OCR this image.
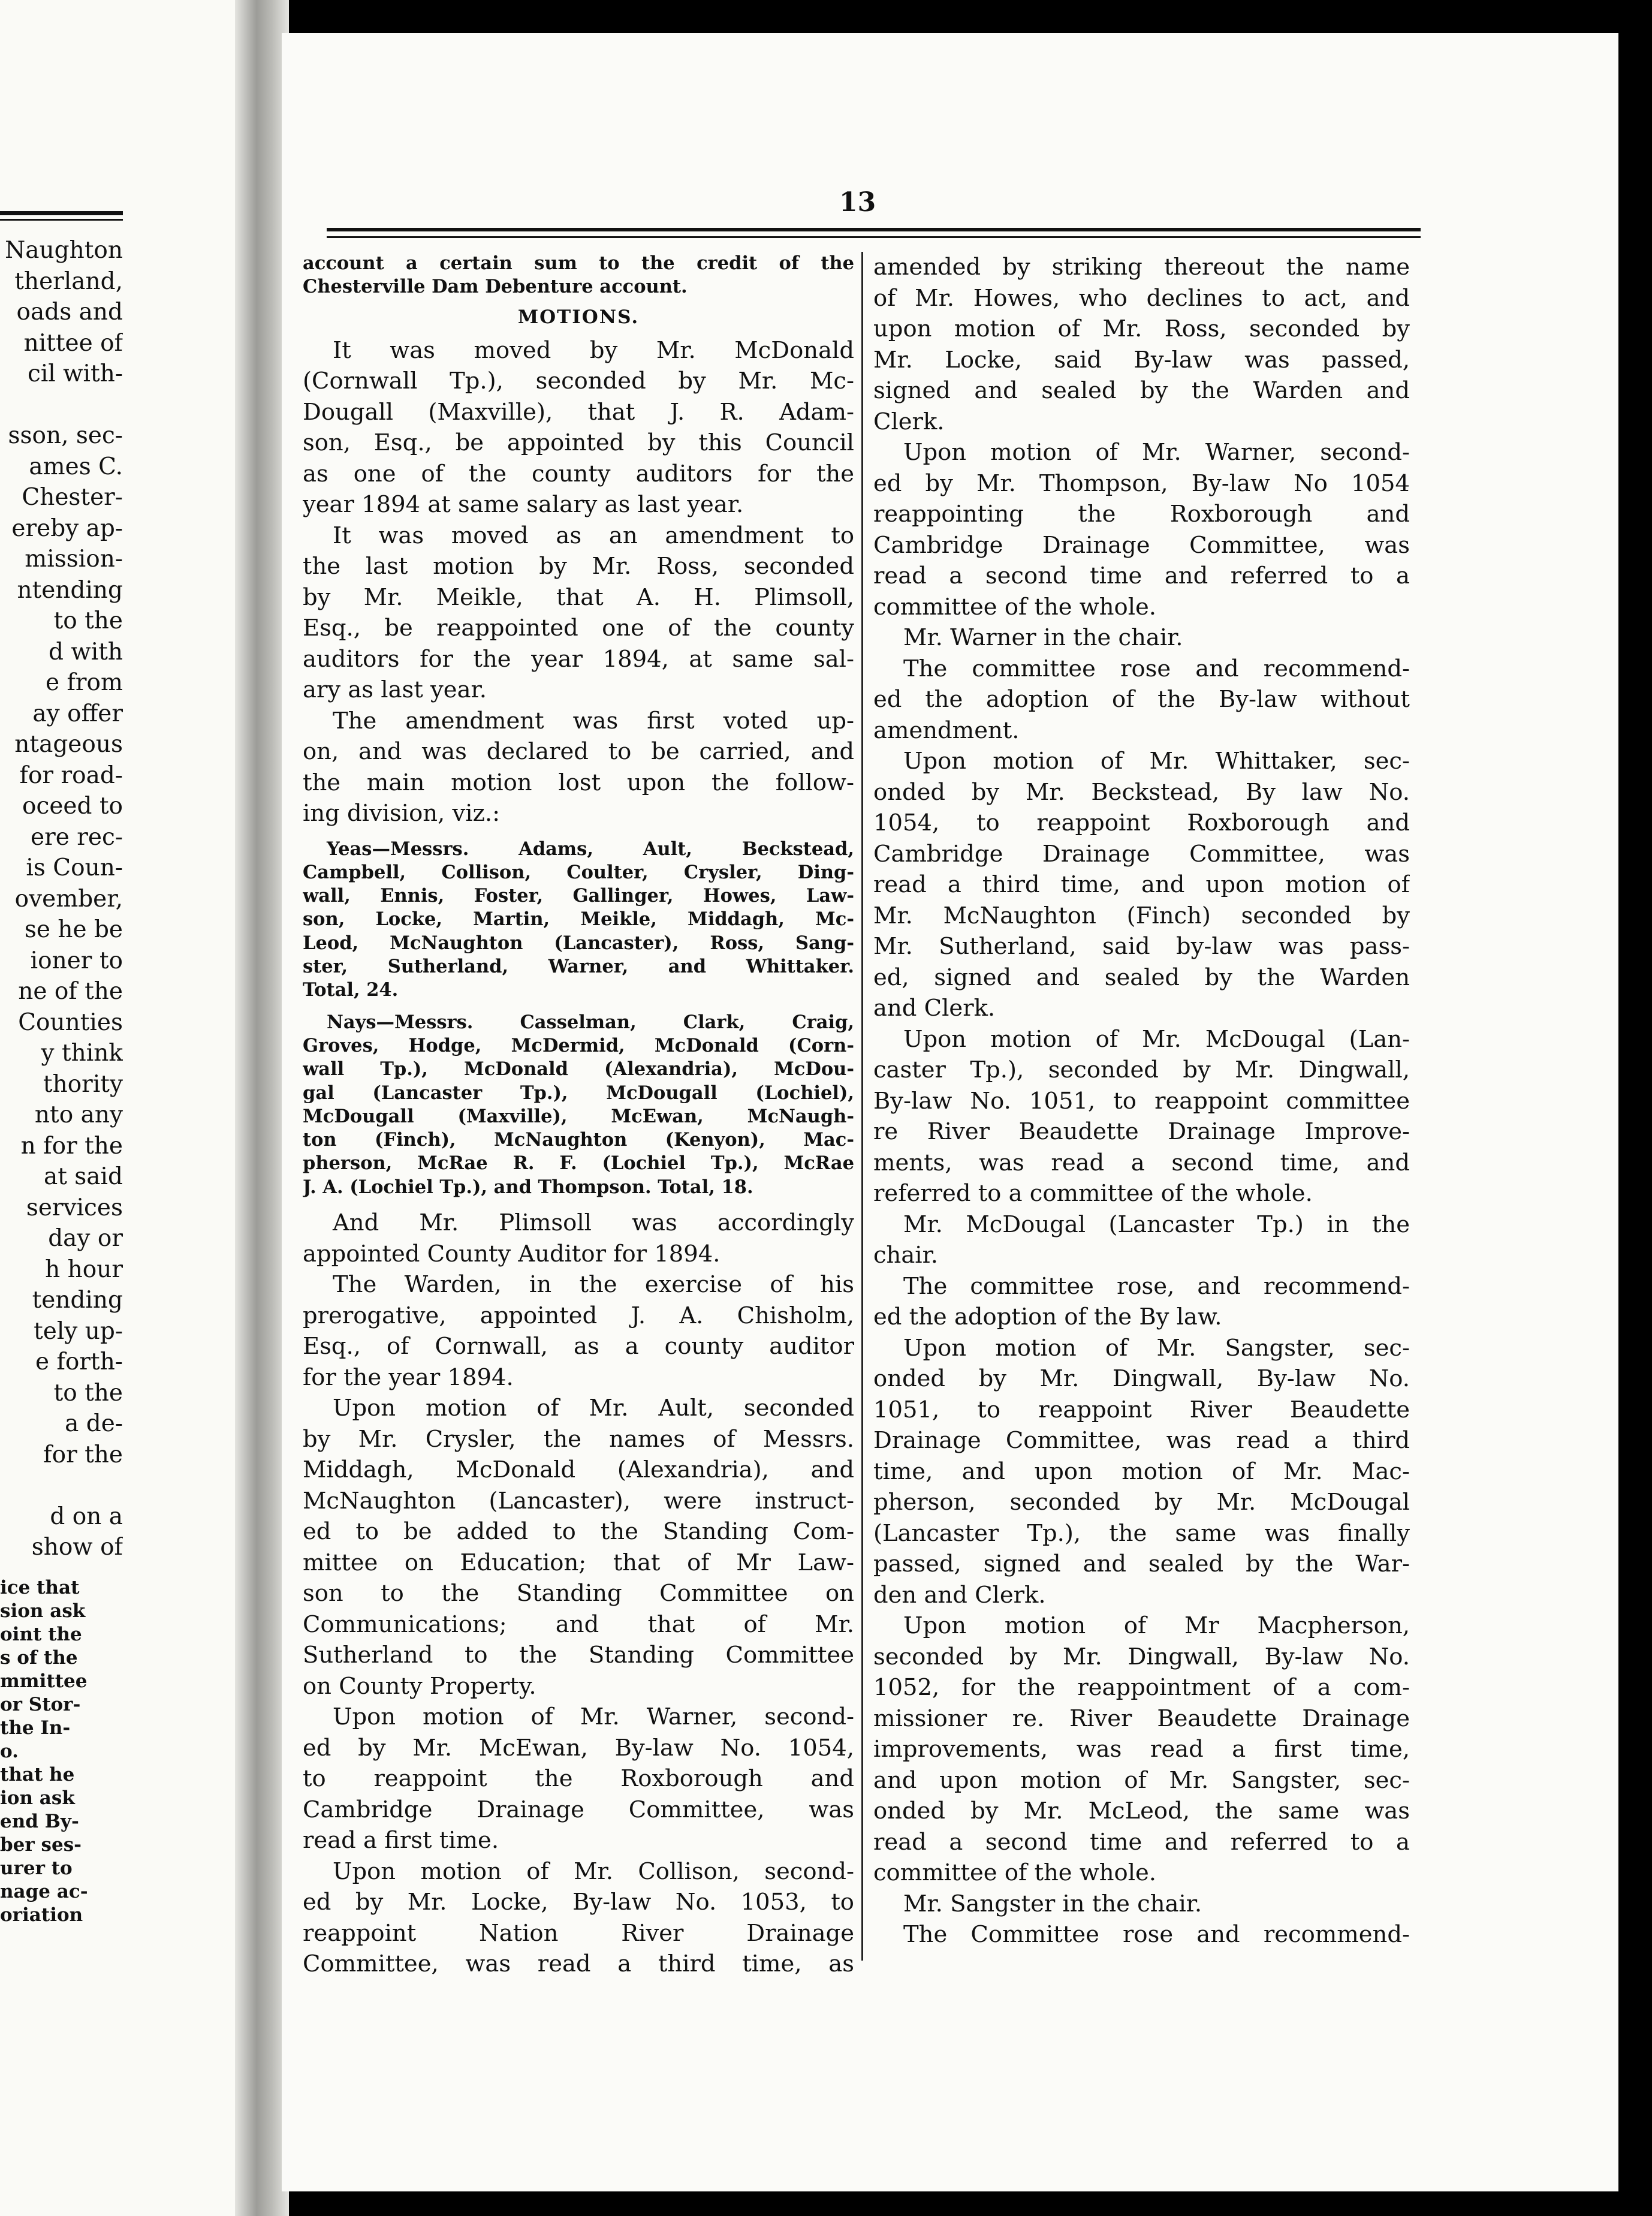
Naughton
therland,
oads and
nittee of
cil with-
sson, sec-
ames C.
Chester-
ereby ap-
mission-
ntending
to the
d with
e from
ay offer
ntageous
for road-
oceed to
ere rec-
is Coun-
ovember,
se he be
ioner to
ne of the
Counties
y think
thority
nto any
n for the
at said
services
day or
h hour
tending
tely up-
e forth-
to the
a de-
for the
d on a
show of
ice that
sion ask
oint the
s of the
mmittee
or Stor-
the In-
o.
that he
ion ask
end By-
ber ses-
urer to
nage ac-
oriation
13
account a certain sum to the credit of the
Chesterville Dam Debenture account.
MOTIONS.
It was moved by Mr. McDonald
(Cornwall Tp.), seconded by Mr. Mc-
Dougall (Maxville), that J. R. Adam-
son, Esq., be appointed by this Council
as one of the county auditors for the
year 1894 at same salary as last year.
It was moved as an amendment to
the last motion by Mr. Ross, seconded
by Mr. Meikle, that A. H. Plimsoll,
Esq., be reappointed one of the county
auditors for the year 1894, at same sal-
ary as last year.
The amendment was first voted up-
on, and was declared to be carried, and
the main motion lost upon the follow-
ing division, viz.:
Yeas—Messrs. Adams, Ault, Beckstead,
Campbell, Collison, Coulter, Crysler, Ding-
wall, Ennis, Foster, Gallinger, Howes, Law-
son, Locke, Martin, Meikle, Middagh, Mc-
Leod, McNaughton (Lancaster), Ross, Sang-
ster, Sutherland, Warner, and Whittaker.
Total, 24.
Nays—Messrs. Casselman, Clark, Craig,
Groves, Hodge, McDermid, McDonald (Corn-
wall Tp.), McDonald (Alexandria), McDou-
gal (Lancaster Tp.), McDougall (Lochiel),
McDougall (Maxville), McEwan, McNaugh-
ton (Finch), McNaughton (Kenyon), Mac-
pherson, McRae R. F. (Lochiel Tp.), McRae
J. A. (Lochiel Tp.), and Thompson. Total, 18.
And Mr. Plimsoll was accordingly
appointed County Auditor for 1894.
The Warden, in the exercise of his
prerogative, appointed J. A. Chisholm,
Esq., of Cornwall, as a county auditor
for the year 1894.
Upon motion of Mr. Ault, seconded
by Mr. Crysler, the names of Messrs.
Middagh, McDonald (Alexandria), and
McNaughton (Lancaster), were instruct-
ed to be added to the Standing Com-
mittee on Education; that of Mr Law-
son to the Standing Committee on
Communications; and that of Mr.
Sutherland to the Standing Committee
on County Property.
Upon motion of Mr. Warner, second-
ed by Mr. McEwan, By-law No. 1054,
to reappoint the Roxborough and
Cambridge Drainage Committee, was
read a first time.
Upon motion of Mr. Collison, second-
ed by Mr. Locke, By-law No. 1053, to
reappoint Nation River Drainage
Committee, was read a third time, as
amended by striking thereout the name
of Mr. Howes, who declines to act, and
upon motion of Mr. Ross, seconded by
Mr. Locke, said By-law was passed,
signed and sealed by the Warden and
Clerk.
Upon motion of Mr. Warner, second-
ed by Mr. Thompson, By-law No 1054
reappointing the Roxborough and
Cambridge Drainage Committee, was
read a second time and referred to a
committee of the whole.
Mr. Warner in the chair.
The committee rose and recommend-
ed the adoption of the By-law without
amendment.
Upon motion of Mr. Whittaker, sec-
onded by Mr. Beckstead, By law No.
1054, to reappoint Roxborough and
Cambridge Drainage Committee, was
read a third time, and upon motion of
Mr. McNaughton (Finch) seconded by
Mr. Sutherland, said by-law was pass-
ed, signed and sealed by the Warden
and Clerk.
Upon motion of Mr. McDougal (Lan-
caster Tp.), seconded by Mr. Dingwall,
By-law No. 1051, to reappoint committee
re River Beaudette Drainage Improve-
ments, was read a second time, and
referred to a committee of the whole.
Mr. McDougal (Lancaster Tp.) in the
chair.
The committee rose, and recommend-
ed the adoption of the By law.
Upon motion of Mr. Sangster, sec-
onded by Mr. Dingwall, By-law No.
1051, to reappoint River Beaudette
Drainage Committee, was read a third
time, and upon motion of Mr. Mac-
pherson, seconded by Mr. McDougal
(Lancaster Tp.), the same was finally
passed, signed and sealed by the War-
den and Clerk.
Upon motion of Mr Macpherson,
seconded by Mr. Dingwall, By-law No.
1052, for the reappointment of a com-
missioner re. River Beaudette Drainage
improvements, was read a first time,
and upon motion of Mr. Sangster, sec-
onded by Mr. McLeod, the same was
read a second time and referred to a
committee of the whole.
Mr. Sangster in the chair.
The Committee rose and recommend-
